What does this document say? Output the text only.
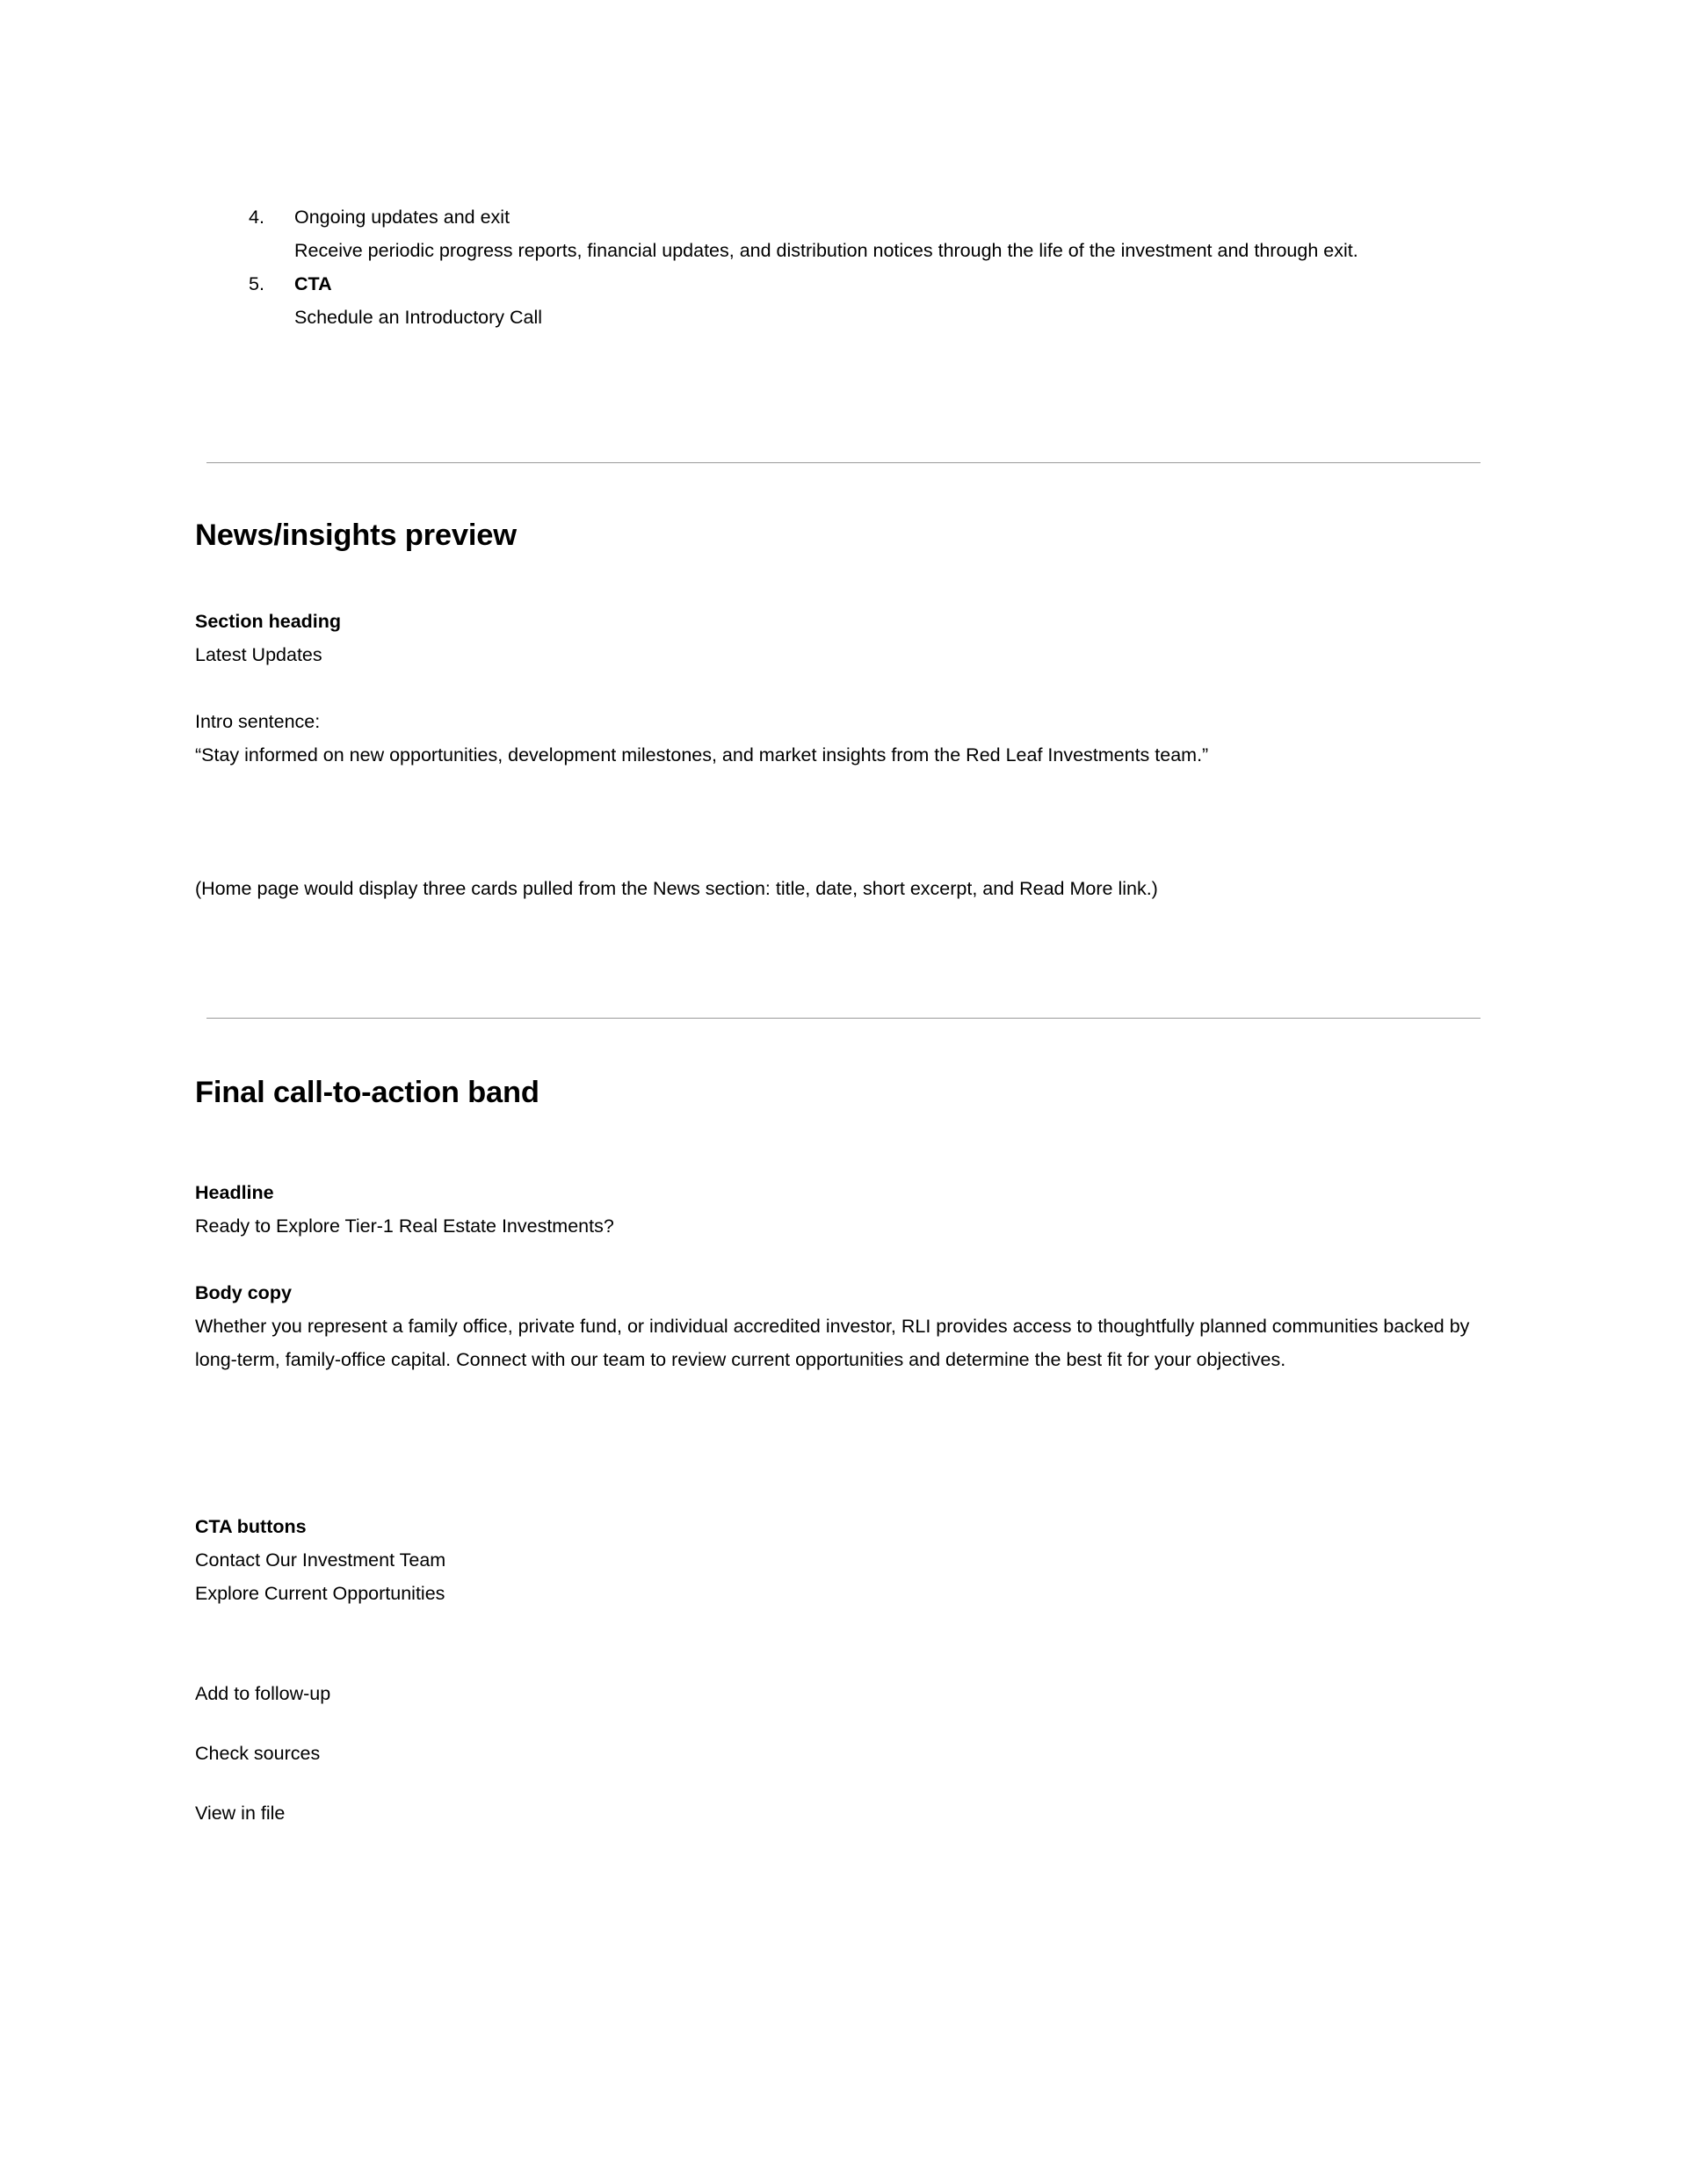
4. Ongoing updates and exit
Receive periodic progress reports, financial updates, and distribution notices through the life of the investment and through exit.
5. CTA
Schedule an Introductory Call
News/insights preview
Section heading
Latest Updates
Intro sentence:
“Stay informed on new opportunities, development milestones, and market insights from the Red Leaf Investments team.”
(Home page would display three cards pulled from the News section: title, date, short excerpt, and Read More link.)
Final call‑to‑action band
Headline
Ready to Explore Tier‑1 Real Estate Investments?
Body copy
Whether you represent a family office, private fund, or individual accredited investor, RLI provides access to thoughtfully planned communities backed by long-term, family-office capital. Connect with our team to review current opportunities and determine the best fit for your objectives.
CTA buttons
Contact Our Investment Team
Explore Current Opportunities
Add to follow-up
Check sources
View in file
